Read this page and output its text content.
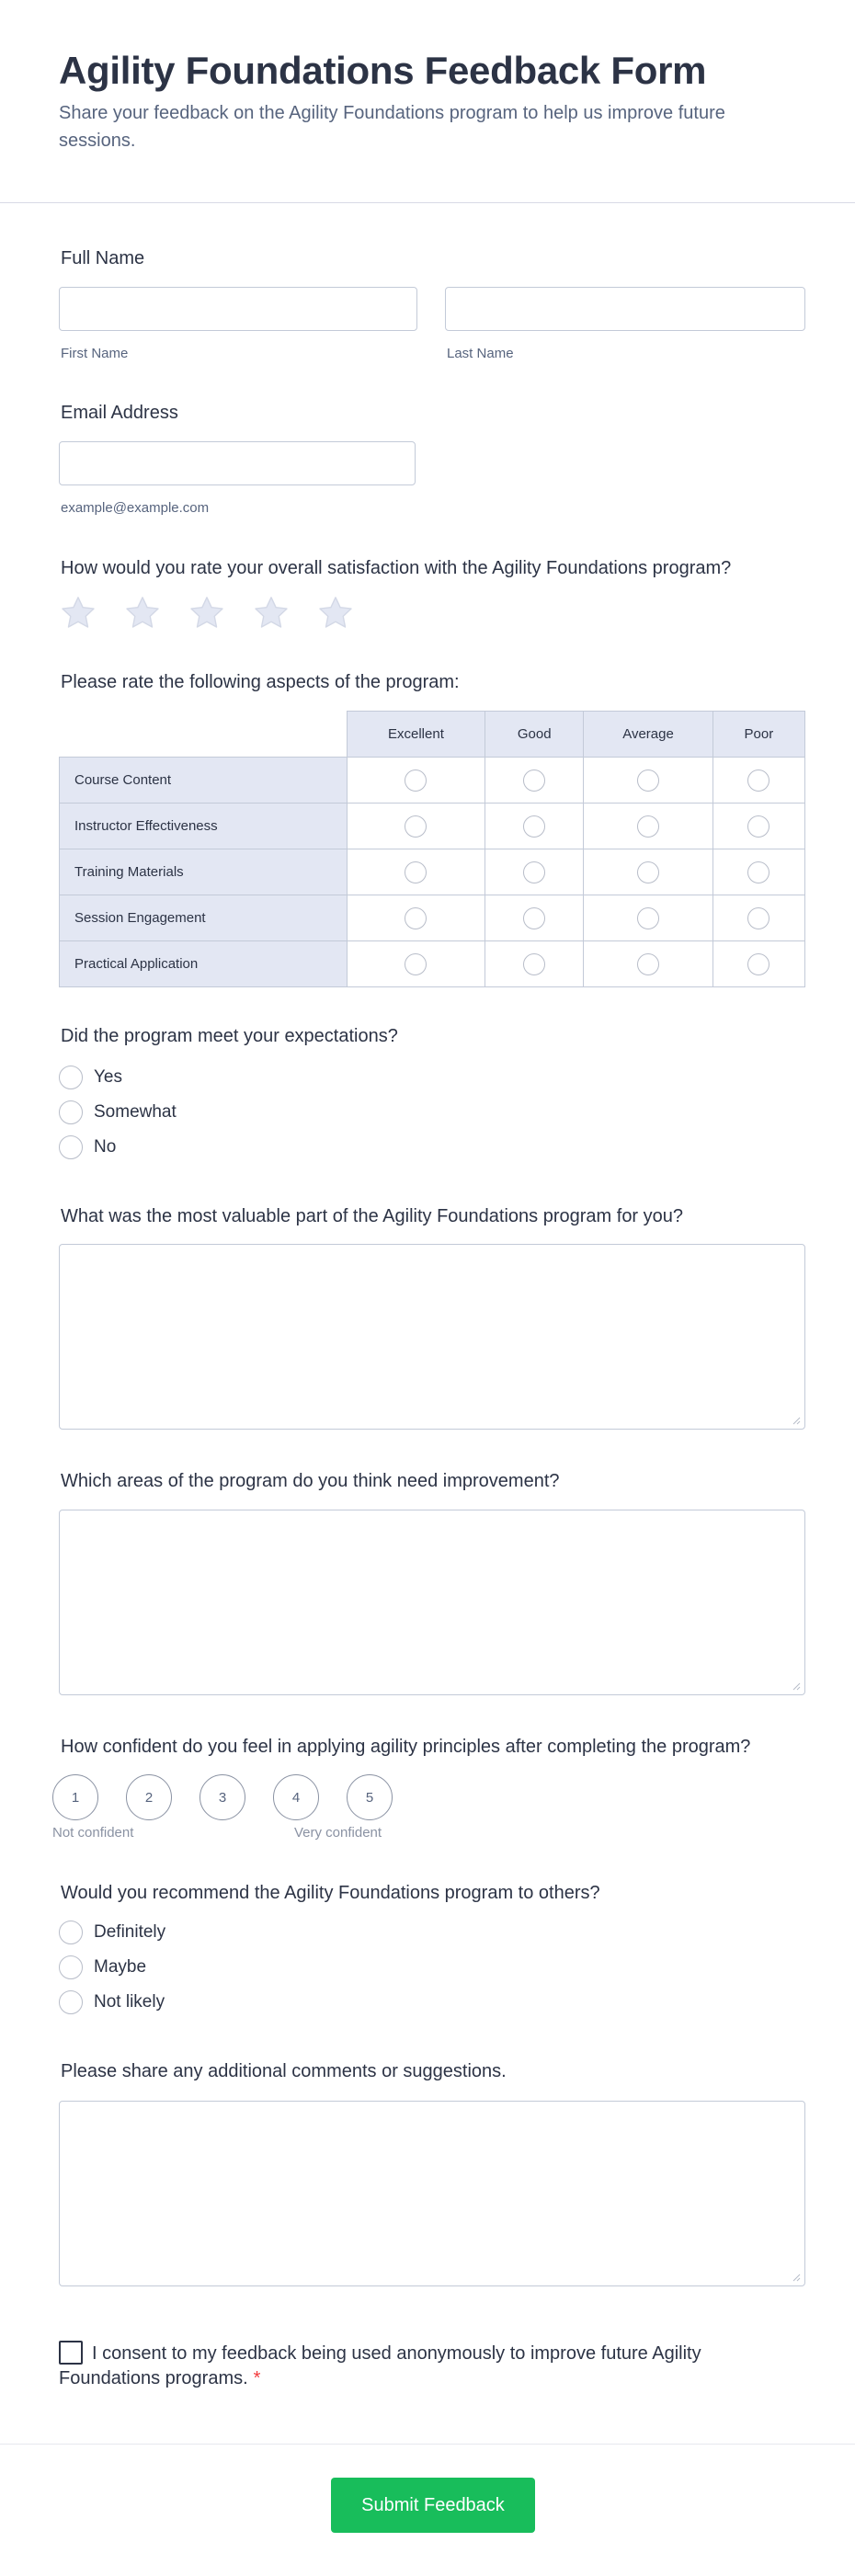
Agility Foundations Feedback Form

Share your feedback on the Agility Foundations program to help us improve future sessions.

Full Name
First Name	Last Name
Email Address
example@example.com
How would you rate your overall satisfaction with the Agility Foundations program?
Please rate the following aspects of the program:
	Excellent	Good	Average	Poor
Course Content				
Instructor Effectiveness				
Training Materials				
Session Engagement				
Practical Application				
Did the program meet your expectations?
Yes
Somewhat
No
What was the most valuable part of the Agility Foundations program for you?
Which areas of the program do you think need improvement?
How confident do you feel in applying agility principles after completing the program?
1	2	3	4	5
Not confident	Very confident
Would you recommend the Agility Foundations program to others?
Definitely
Maybe
Not likely
Please share any additional comments or suggestions.
I consent to my feedback being used anonymously to improve future Agility Foundations programs. *
Submit Feedback
